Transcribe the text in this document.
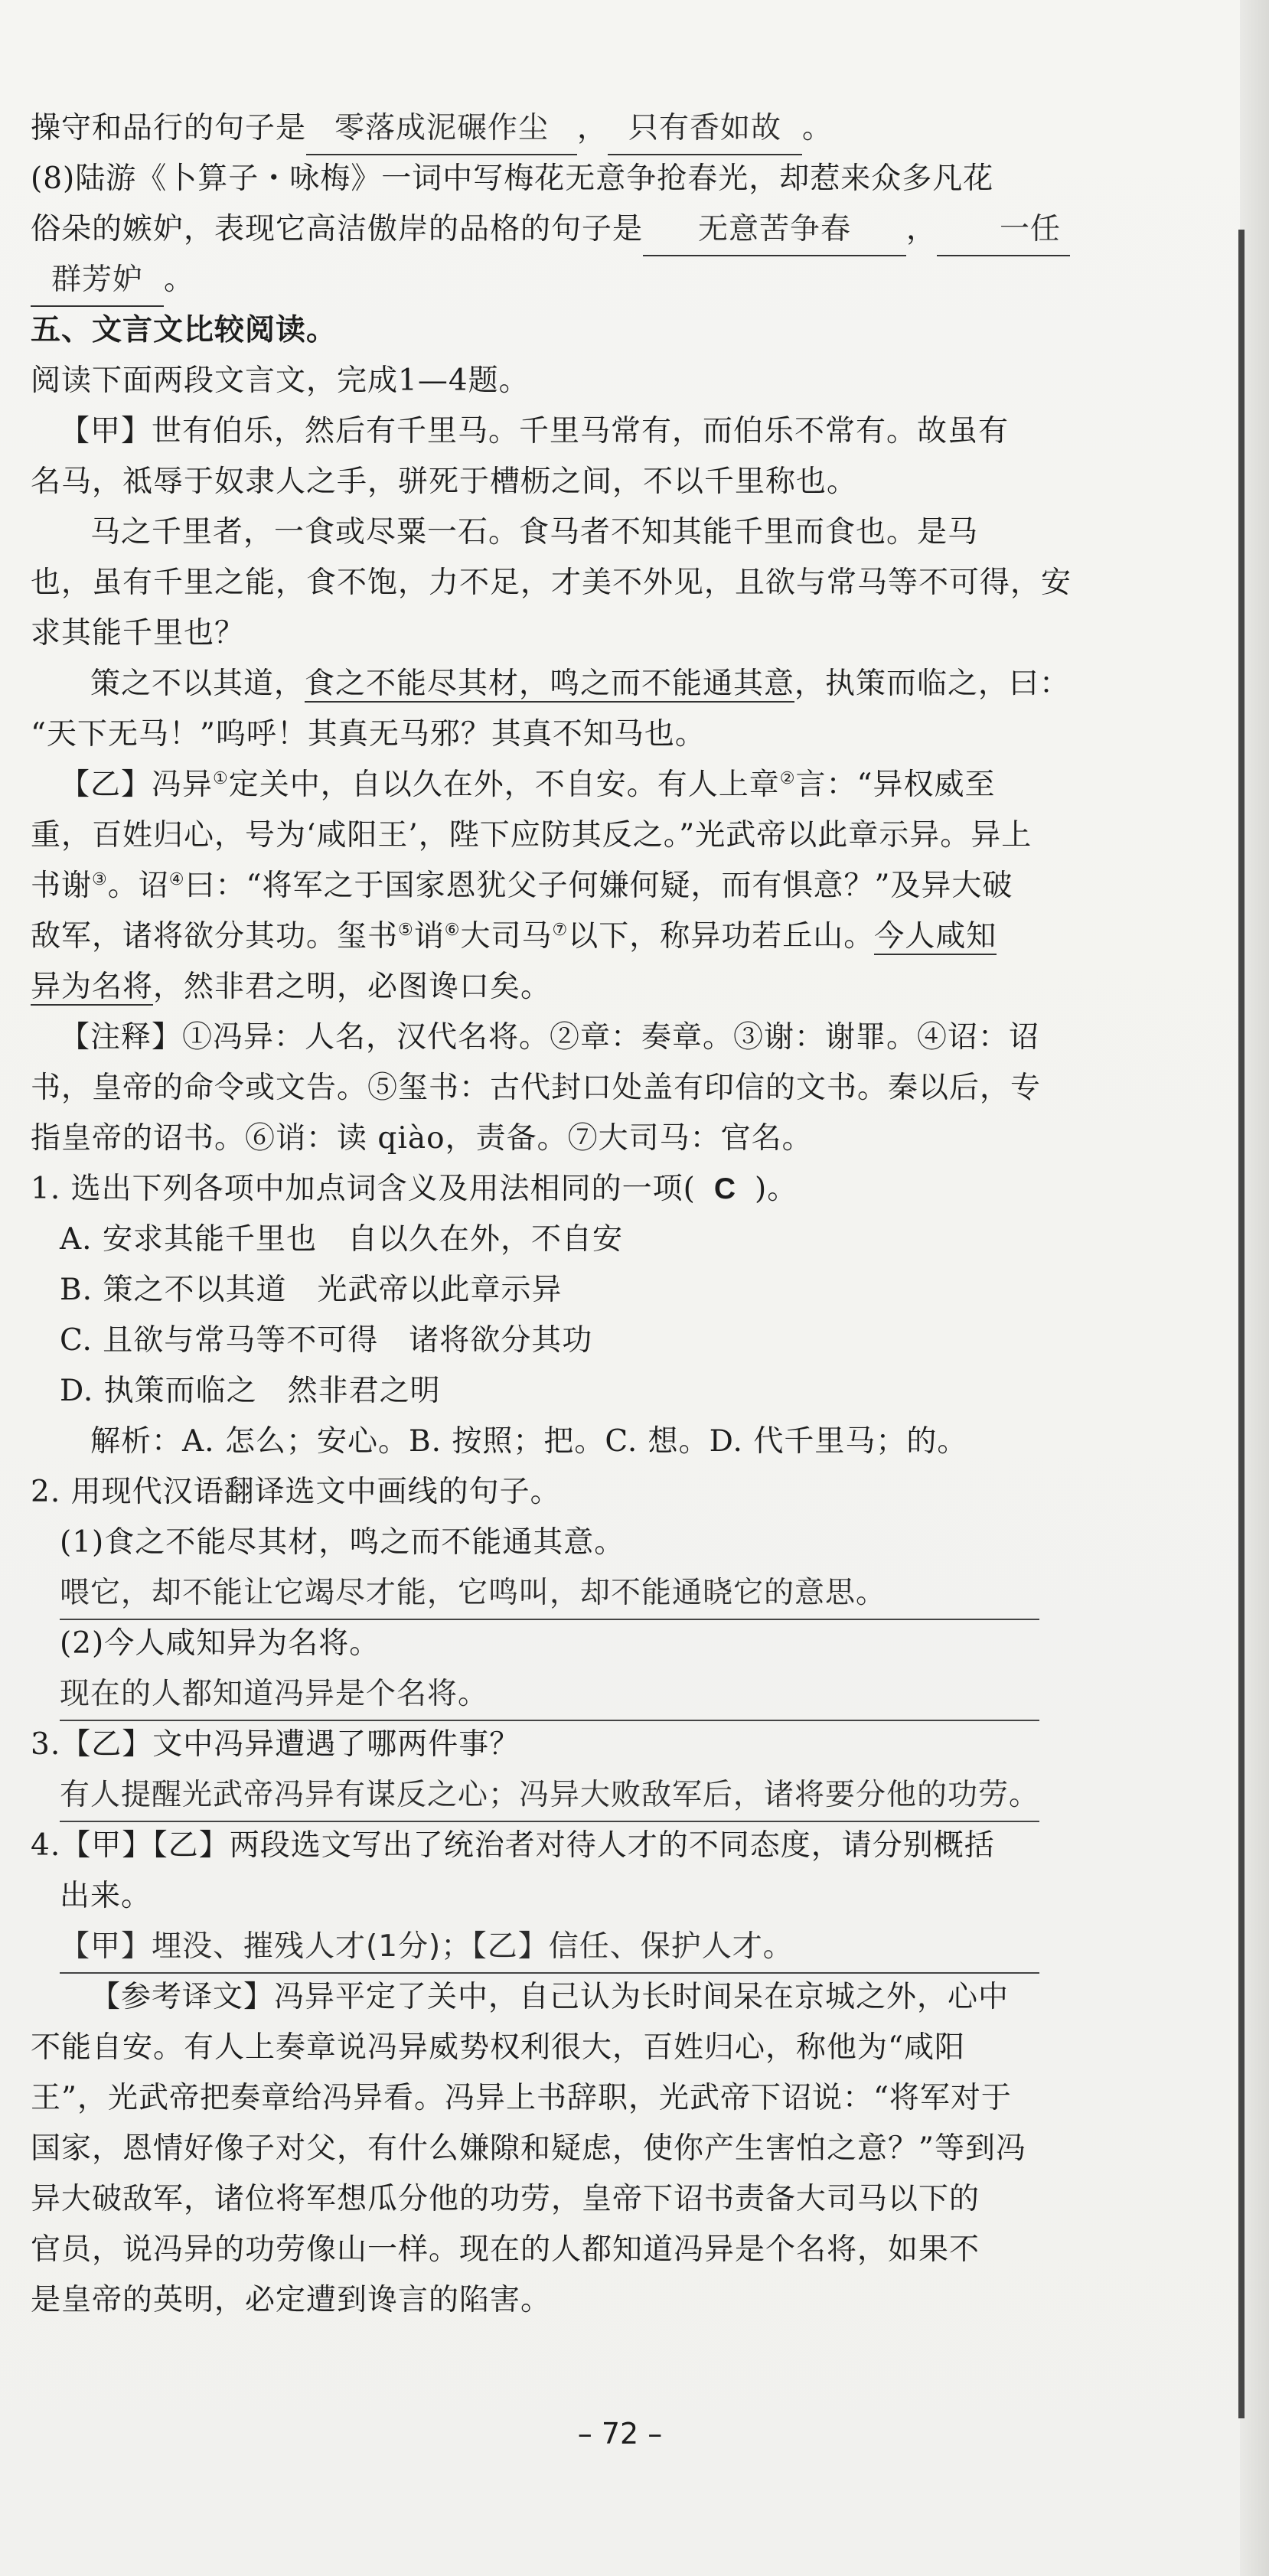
操守和品行的句子是 零落成泥碾作尘 ， 只有香如故 。
(8)陆游《卜算子・咏梅》一词中写梅花无意争抢春光，却惹来众多凡花
俗朵的嫉妒，表现它高洁傲岸的品格的句子是 无意苦争春 ， 一任
群芳妒 。
五、文言文比较阅读。
阅读下面两段文言文，完成1—4题。
【甲】世有伯乐，然后有千里马。千里马常有，而伯乐不常有。故虽有
名马，祗辱于奴隶人之手，骈死于槽枥之间，不以千里称也。
马之千里者，一食或尽粟一石。食马者不知其能千里而食也。是马
也，虽有千里之能，食不饱，力不足，才美不外见，且欲与常马等不可得，安
求其能千里也？
策之不以其道，食之不能尽其材，鸣之而不能通其意，执策而临之，曰：
“天下无马！”呜呼！其真无马邪？其真不知马也。
【乙】冯异①定关中，自以久在外，不自安。有人上章②言：“异权威至
重，百姓归心，号为‘咸阳王’，陛下应防其反之。”光武帝以此章示异。异上
书谢③。诏④曰：“将军之于国家恩犹父子何嫌何疑，而有惧意？”及异大破
敌军，诸将欲分其功。玺书⑤诮⑥大司马⑦以下，称异功若丘山。今人咸知
异为名将，然非君之明，必图谗口矣。
【注释】①冯异：人名，汉代名将。②章：奏章。③谢：谢罪。④诏：诏
书，皇帝的命令或文告。⑤玺书：古代封口处盖有印信的文书。秦以后，专
指皇帝的诏书。⑥诮：读 qiào，责备。⑦大司马：官名。
1. 选出下列各项中加点词含义及用法相同的一项( C )。
A. 安求其能千里也　自以久在外，不自安
B. 策之不以其道　光武帝以此章示异
C. 且欲与常马等不可得　诸将欲分其功
D. 执策而临之　然非君之明
解析：A. 怎么；安心。B. 按照；把。C. 想。D. 代千里马；的。
2. 用现代汉语翻译选文中画线的句子。
(1)食之不能尽其材，鸣之而不能通其意。
喂它，却不能让它竭尽才能，它鸣叫，却不能通晓它的意思。
(2)今人咸知异为名将。
现在的人都知道冯异是个名将。
3.【乙】文中冯异遭遇了哪两件事？
有人提醒光武帝冯异有谋反之心；冯异大败敌军后，诸将要分他的功劳。
4.【甲】【乙】两段选文写出了统治者对待人才的不同态度，请分别概括
出来。
【甲】埋没、摧残人才(1分)；【乙】信任、保护人才。
【参考译文】冯异平定了关中，自己认为长时间呆在京城之外，心中
不能自安。有人上奏章说冯异威势权利很大，百姓归心，称他为“咸阳
王”，光武帝把奏章给冯异看。冯异上书辞职，光武帝下诏说：“将军对于
国家，恩情好像子对父，有什么嫌隙和疑虑，使你产生害怕之意？”等到冯
异大破敌军，诸位将军想瓜分他的功劳，皇帝下诏书责备大司马以下的
官员，说冯异的功劳像山一样。现在的人都知道冯异是个名将，如果不
是皇帝的英明，必定遭到谗言的陷害。
– 72 –
